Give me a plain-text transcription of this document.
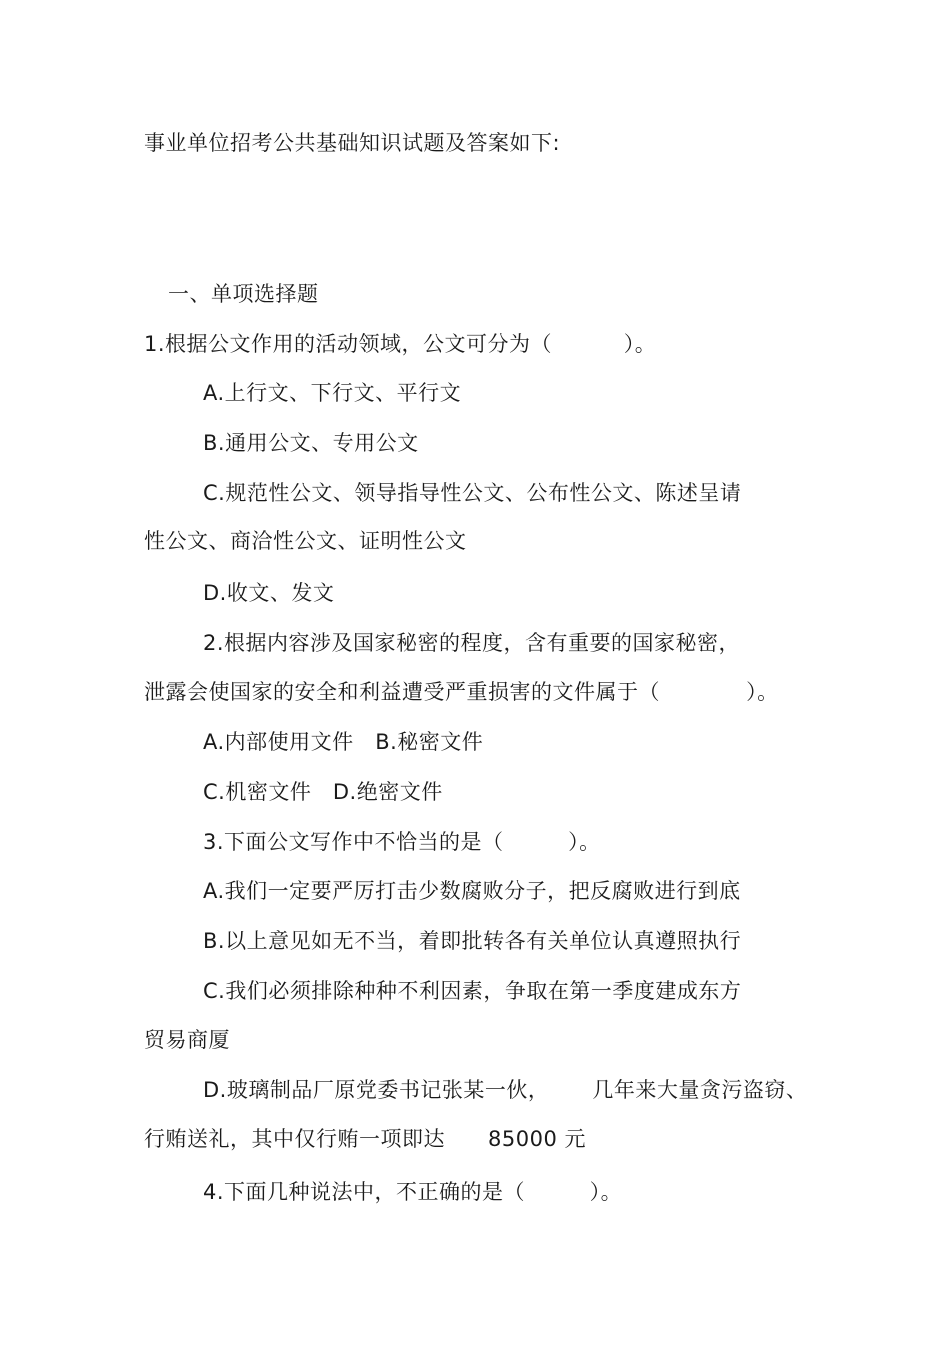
事业单位招考公共基础知识试题及答案如下:
一、单项选择题
1.根据公文作用的活动领域，公文可分为（          ）。
A.上行文、下行文、平行文
B.通用公文、专用公文
C.规范性公文、领导指导性公文、公布性公文、陈述呈请
性公文、商洽性公文、证明性公文
D.收文、发文
2.根据内容涉及国家秘密的程度，含有重要的国家秘密，
泄露会使国家的安全和利益遭受严重损害的文件属于（            ）。
A.内部使用文件   B.秘密文件
C.机密文件   D.绝密文件
3.下面公文写作中不恰当的是（         ）。
A.我们一定要严厉打击少数腐败分子，把反腐败进行到底
B.以上意见如无不当，着即批转各有关单位认真遵照执行
C.我们必须排除种种不利因素，争取在第一季度建成东方
贸易商厦
D.玻璃制品厂原党委书记张某一伙，      几年来大量贪污盗窃、
行贿送礼，其中仅行贿一项即达      85000 元
4.下面几种说法中，不正确的是（         ）。
